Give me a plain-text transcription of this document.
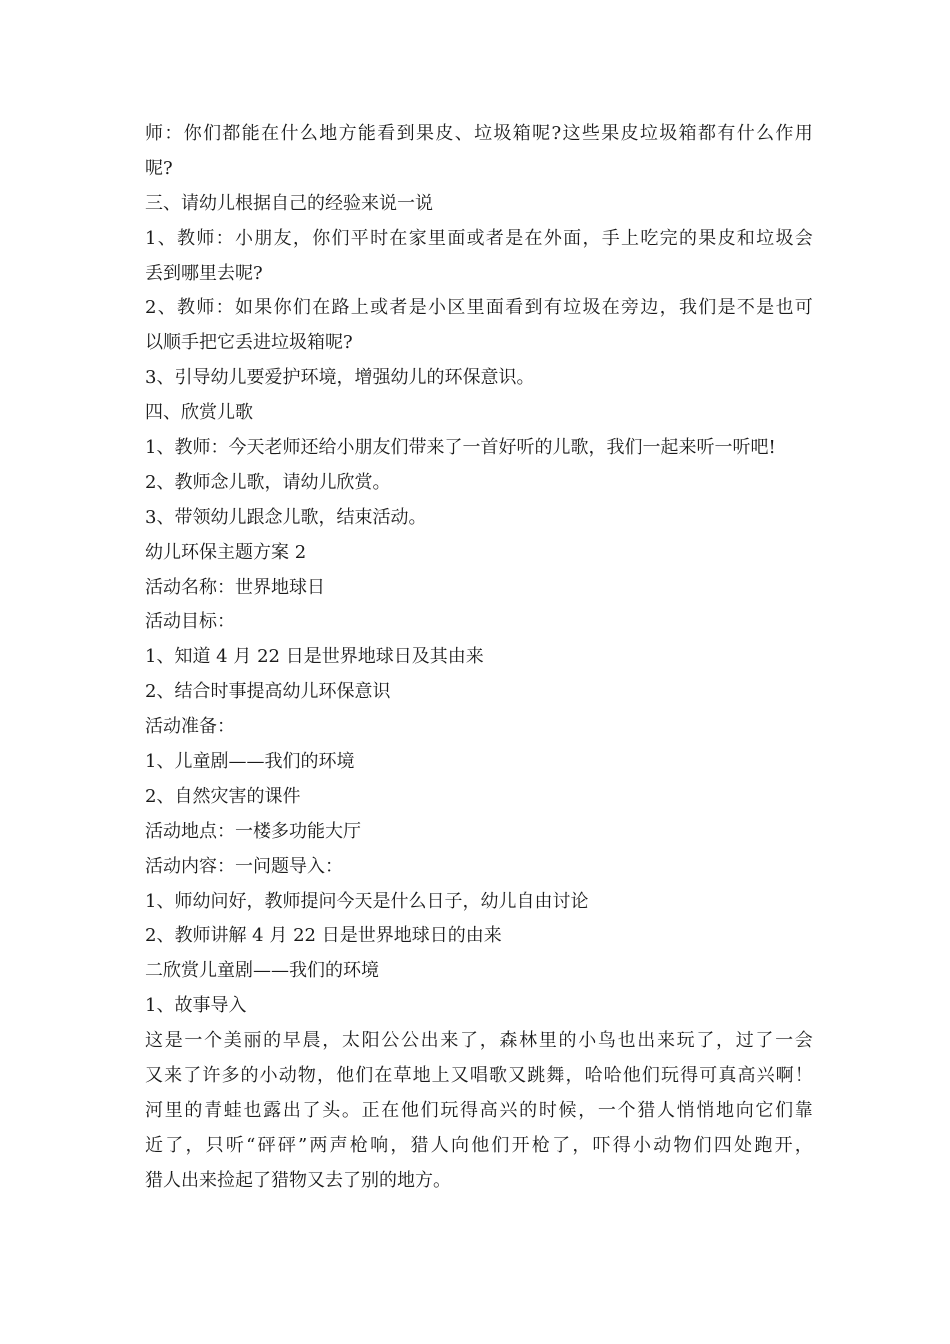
师：你们都能在什么地方能看到果皮、垃圾箱呢?这些果皮垃圾箱都有什么作用
呢?
三、请幼儿根据自己的经验来说一说
1、教师：小朋友，你们平时在家里面或者是在外面，手上吃完的果皮和垃圾会
丢到哪里去呢?
2、教师：如果你们在路上或者是小区里面看到有垃圾在旁边，我们是不是也可
以顺手把它丢进垃圾箱呢?
3、引导幼儿要爱护环境，增强幼儿的环保意识。
四、欣赏儿歌
1、教师：今天老师还给小朋友们带来了一首好听的儿歌，我们一起来听一听吧!
2、教师念儿歌，请幼儿欣赏。
3、带领幼儿跟念儿歌，结束活动。
幼儿环保主题方案 2
活动名称：世界地球日
活动目标：
1、知道 4 月 22 日是世界地球日及其由来
2、结合时事提高幼儿环保意识
活动准备：
1、儿童剧——我们的环境
2、自然灾害的课件
活动地点：一楼多功能大厅
活动内容：一问题导入：
1、师幼问好，教师提问今天是什么日子，幼儿自由讨论
2、教师讲解 4 月 22 日是世界地球日的由来
二欣赏儿童剧——我们的环境
1、故事导入
这是一个美丽的早晨，太阳公公出来了，森林里的小鸟也出来玩了，过了一会
又来了许多的小动物，他们在草地上又唱歌又跳舞，哈哈他们玩得可真高兴啊！
河里的青蛙也露出了头。正在他们玩得高兴的时候，一个猎人悄悄地向它们靠
近了，只听“砰砰”两声枪响，猎人向他们开枪了，吓得小动物们四处跑开，
猎人出来捡起了猎物又去了别的地方。
